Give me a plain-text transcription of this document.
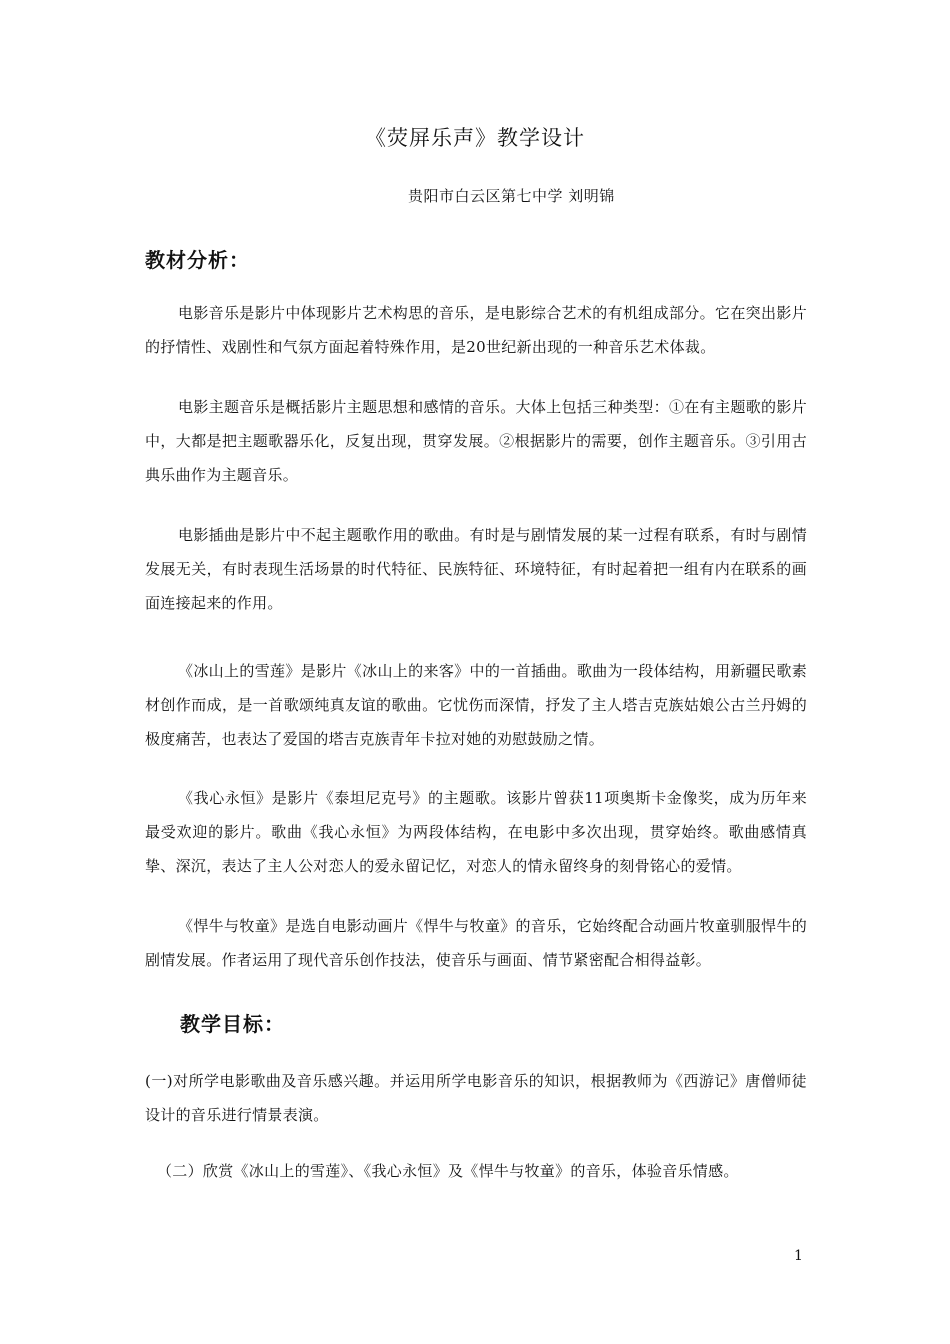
《荧屏乐声》教学设计
贵阳市白云区第七中学 刘明锦
教材分析：
电影音乐是影片中体现影片艺术构思的音乐，是电影综合艺术的有机组成部分。它在突出影片的抒情性、戏剧性和气氛方面起着特殊作用，是20世纪新出现的一种音乐艺术体裁。
电影主题音乐是概括影片主题思想和感情的音乐。大体上包括三种类型：①在有主题歌的影片中，大都是把主题歌器乐化，反复出现，贯穿发展。②根据影片的需要，创作主题音乐。③引用古典乐曲作为主题音乐。
电影插曲是影片中不起主题歌作用的歌曲。有时是与剧情发展的某一过程有联系，有时与剧情发展无关，有时表现生活场景的时代特征、民族特征、环境特征，有时起着把一组有内在联系的画面连接起来的作用。
《冰山上的雪莲》是影片《冰山上的来客》中的一首插曲。歌曲为一段体结构，用新疆民歌素材创作而成，是一首歌颂纯真友谊的歌曲。它忧伤而深情，抒发了主人塔吉克族姑娘公古兰丹姆的极度痛苦，也表达了爱国的塔吉克族青年卡拉对她的劝慰鼓励之情。
《我心永恒》是影片《泰坦尼克号》的主题歌。该影片曾获11项奥斯卡金像奖，成为历年来最受欢迎的影片。歌曲《我心永恒》为两段体结构，在电影中多次出现，贯穿始终。歌曲感情真挚、深沉，表达了主人公对恋人的爱永留记忆，对恋人的情永留终身的刻骨铭心的爱情。
《悍牛与牧童》是选自电影动画片《悍牛与牧童》的音乐，它始终配合动画片牧童驯服悍牛的剧情发展。作者运用了现代音乐创作技法，使音乐与画面、情节紧密配合相得益彰。
教学目标：
(一)对所学电影歌曲及音乐感兴趣。并运用所学电影音乐的知识，根据教师为《西游记》唐僧师徒设计的音乐进行情景表演。
（二）欣赏《冰山上的雪莲》、《我心永恒》及《悍牛与牧童》的音乐，体验音乐情感。
1
